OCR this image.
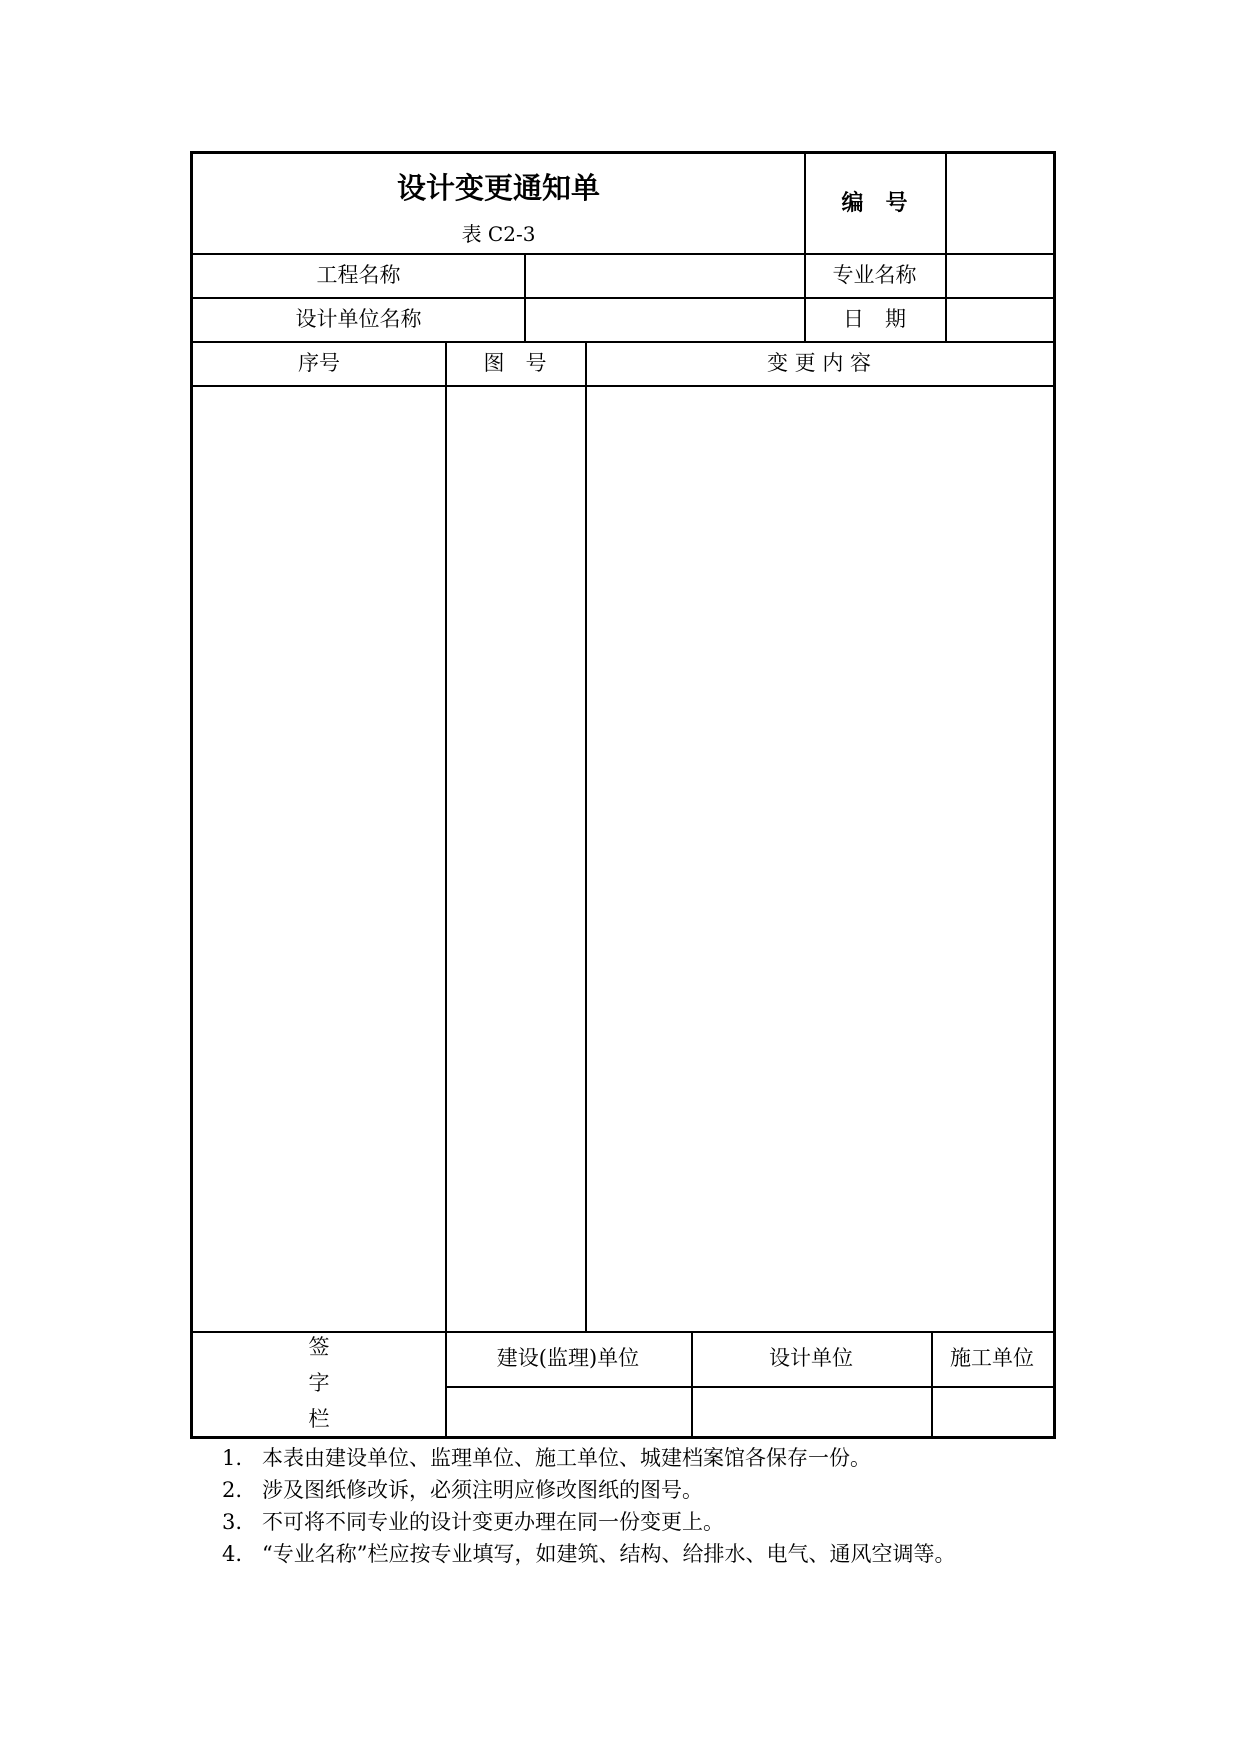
设计变更通知单
表 C2-3
编　号
工程名称	专业名称
设计单位名称	日　期
序号	图　号	变 更 内 容
签
字
栏
建设(监理)单位	设计单位	施工单位
1. 本表由建设单位、监理单位、施工单位、城建档案馆各保存一份。
2. 涉及图纸修改诉，必须注明应修改图纸的图号。
3. 不可将不同专业的设计变更办理在同一份变更上。
4. “专业名称”栏应按专业填写，如建筑、结构、给排水、电气、通风空调等。
